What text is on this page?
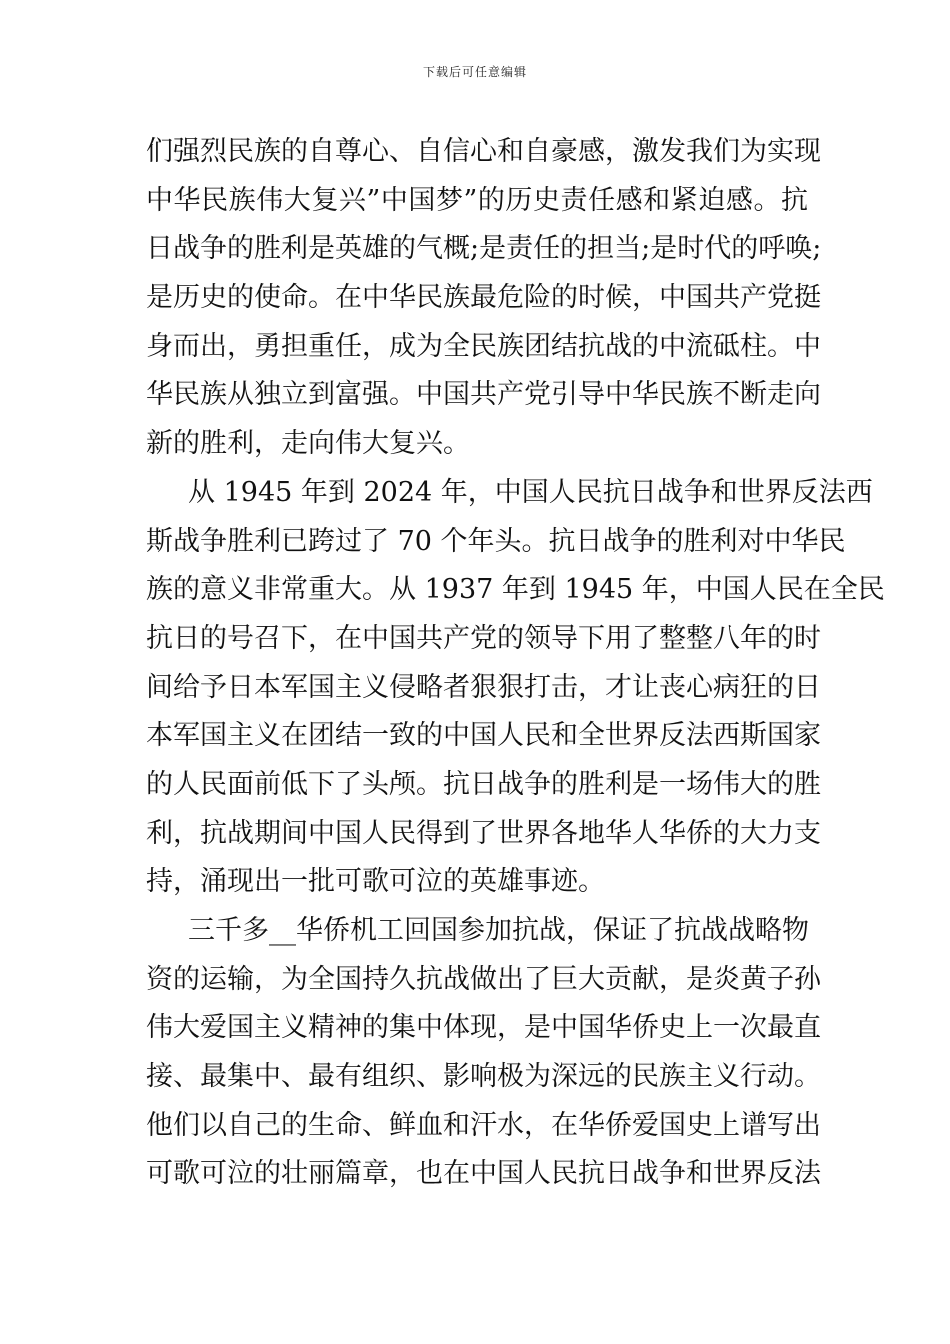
下载后可任意编辑
们强烈民族的自尊心、自信心和自豪感，激发我们为实现
中华民族伟大复兴”中国梦”的历史责任感和紧迫感。抗
日战争的胜利是英雄的气概;是责任的担当;是时代的呼唤;
是历史的使命。在中华民族最危险的时候，中国共产党挺
身而出，勇担重任，成为全民族团结抗战的中流砥柱。中
华民族从独立到富强。中国共产党引导中华民族不断走向
新的胜利，走向伟大复兴。
从 1945 年到 2024 年，中国人民抗日战争和世界反法西
斯战争胜利已跨过了 70 个年头。抗日战争的胜利对中华民
族的意义非常重大。从 1937 年到 1945 年，中国人民在全民
抗日的号召下，在中国共产党的领导下用了整整八年的时
间给予日本军国主义侵略者狠狠打击，才让丧心病狂的日
本军国主义在团结一致的中国人民和全世界反法西斯国家
的人民面前低下了头颅。抗日战争的胜利是一场伟大的胜
利，抗战期间中国人民得到了世界各地华人华侨的大力支
持，涌现出一批可歌可泣的英雄事迹。
三千多__华侨机工回国参加抗战，保证了抗战战略物
资的运输，为全国持久抗战做出了巨大贡献，是炎黄子孙
伟大爱国主义精神的集中体现，是中国华侨史上一次最直
接、最集中、最有组织、影响极为深远的民族主义行动。
他们以自己的生命、鲜血和汗水，在华侨爱国史上谱写出
可歌可泣的壮丽篇章，也在中国人民抗日战争和世界反法
